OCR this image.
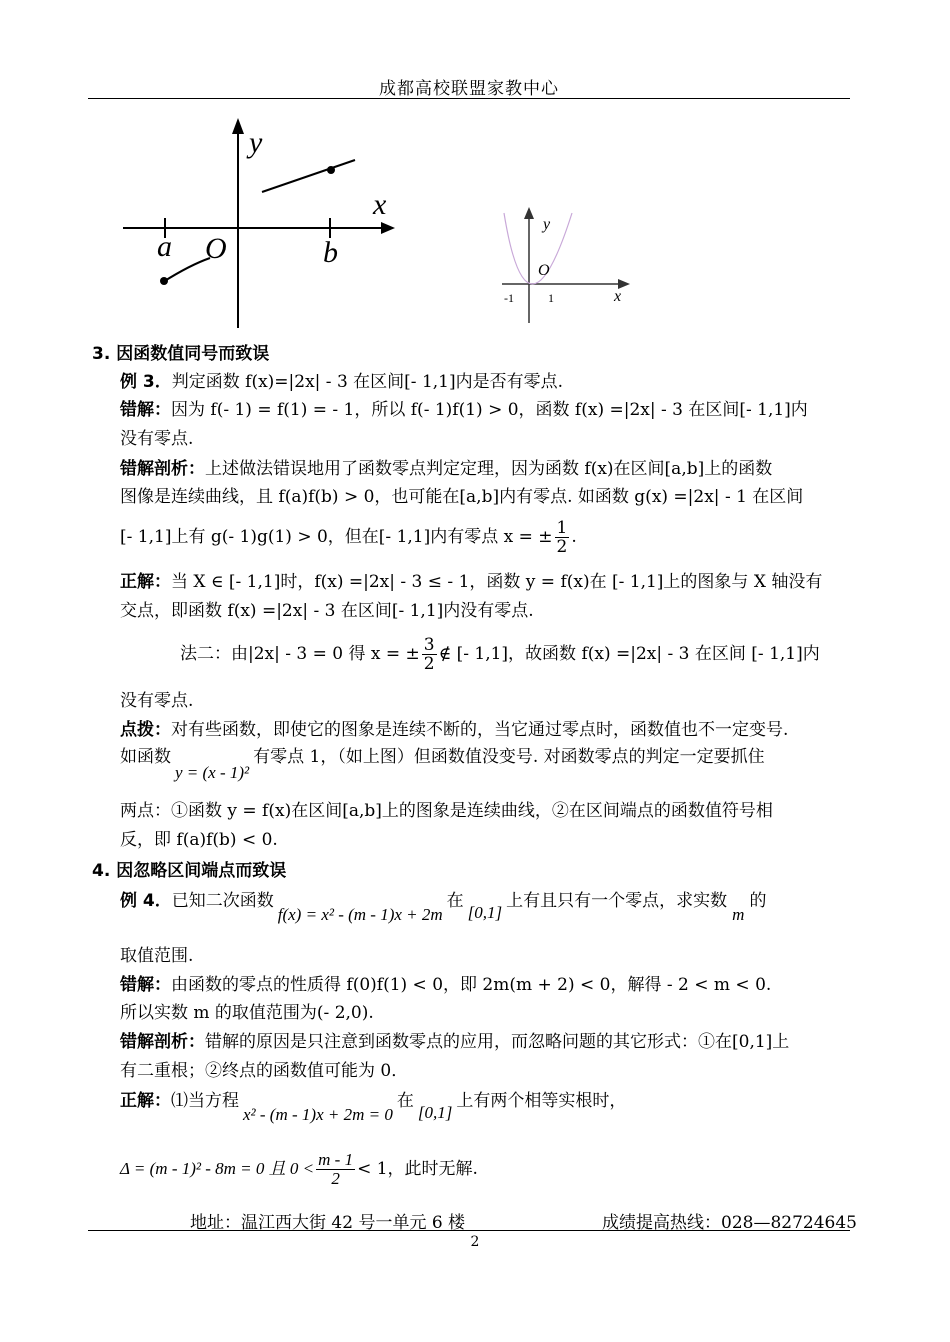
成都高校联盟家教中心
y
x
a O	b
y
O
x
-1	1
3. 因函数值同号而致误
例 3．判定函数 f(x)=|2x| - 3 在区间[- 1,1]内是否有零点.
错解：因为 f(- 1) = f(1) = - 1，所以 f(- 1)f(1) > 0，函数 f(x) =|2x| - 3 在区间[- 1,1]内
没有零点.
错解剖析：上述做法错误地用了函数零点判定定理，因为函数 f(x)在区间[a,b]上的函数
图像是连续曲线，且 f(a)f(b) > 0，也可能在[a,b]内有零点. 如函数 g(x) =|2x| - 1 在区间
[- 1,1]上有 g(- 1)g(1) > 0，但在[- 1,1]内有零点 x = ± $\frac{1}{2}$ .
正解：当 X ∈ [- 1,1]时，f(x) =|2x| - 3 ≤ - 1，函数 y = f(x)在 [- 1,1]上的图象与 X 轴没有
交点，即函数 f(x) =|2x| - 3 在区间[- 1,1]内没有零点.
法二：由|2x| - 3 = 0 得 x = ± $\frac{3}{2}$ ∉ [- 1,1]，故函数 f(x) =|2x| - 3 在区间 [- 1,1]内
没有零点.
点拨：对有些函数，即使它的图象是连续不断的，当它通过零点时，函数值也不一定变号.
如函数y = (x - 1)²有零点 1，（如上图）但函数值没变号. 对函数零点的判定一定要抓住
两点：①函数 y = f(x)在区间[a,b]上的图象是连续曲线，②在区间端点的函数值符号相
反，即 f(a)f(b) < 0.
4. 因忽略区间端点而致误
例 4．已知二次函数f(x) = x² - (m - 1)x + 2m在[0,1]上有且只有一个零点，求实数m的
取值范围.
错解：由函数的零点的性质得 f(0)f(1) < 0，即 2m(m + 2) < 0，解得 - 2 < m < 0.
所以实数 m 的取值范围为(- 2,0).
错解剖析：错解的原因是只注意到函数零点的应用，而忽略问题的其它形式：①在[0,1]上
有二重根；②终点的函数值可能为 0．
正解：⑴当方程x² - (m - 1)x + 2m = 0在[0,1]上有两个相等实根时，
Δ = (m - 1)² - 8m = 0 且 $0 < \frac{m - 1}{2} < 1$，此时无解.
地址：温江西大街 42 号一单元 6 楼	成绩提高热线：028—82724645
2
